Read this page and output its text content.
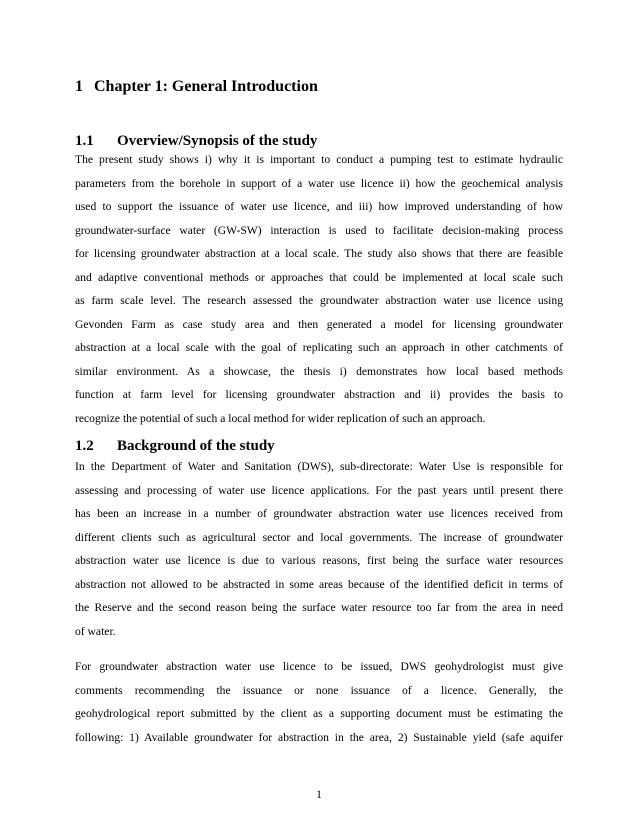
1 Chapter 1: General Introduction
1.1 Overview/Synopsis of the study

The present study shows i) why it is important to conduct a pumping test to estimate hydraulic
parameters from the borehole in support of a water use licence ii) how the geochemical analysis
used to support the issuance of water use licence, and iii) how improved understanding of how
groundwater-surface water (GW-SW) interaction is used to facilitate decision-making process
for licensing groundwater abstraction at a local scale. The study also shows that there are feasible
and adaptive conventional methods or approaches that could be implemented at local scale such
as farm scale level. The research assessed the groundwater abstraction water use licence using
Gevonden Farm as case study area and then generated a model for licensing groundwater
abstraction at a local scale with the goal of replicating such an approach in other catchments of
similar environment. As a showcase, the thesis i) demonstrates how local based methods
function at farm level for licensing groundwater abstraction and ii) provides the basis to
recognize the potential of such a local method for wider replication of such an approach.

1.2 Background of the study

In the Department of Water and Sanitation (DWS), sub-directorate: Water Use is responsible for
assessing and processing of water use licence applications. For the past years until present there
has been an increase in a number of groundwater abstraction water use licences received from
different clients such as agricultural sector and local governments. The increase of groundwater
abstraction water use licence is due to various reasons, first being the surface water resources
abstraction not allowed to be abstracted in some areas because of the identified deficit in terms of
the Reserve and the second reason being the surface water resource too far from the area in need
of water.

For groundwater abstraction water use licence to be issued, DWS geohydrologist must give
comments recommending the issuance or none issuance of a licence. Generally, the
geohydrological report submitted by the client as a supporting document must be estimating the
following: 1) Available groundwater for abstraction in the area, 2) Sustainable yield (safe aquifer

1
